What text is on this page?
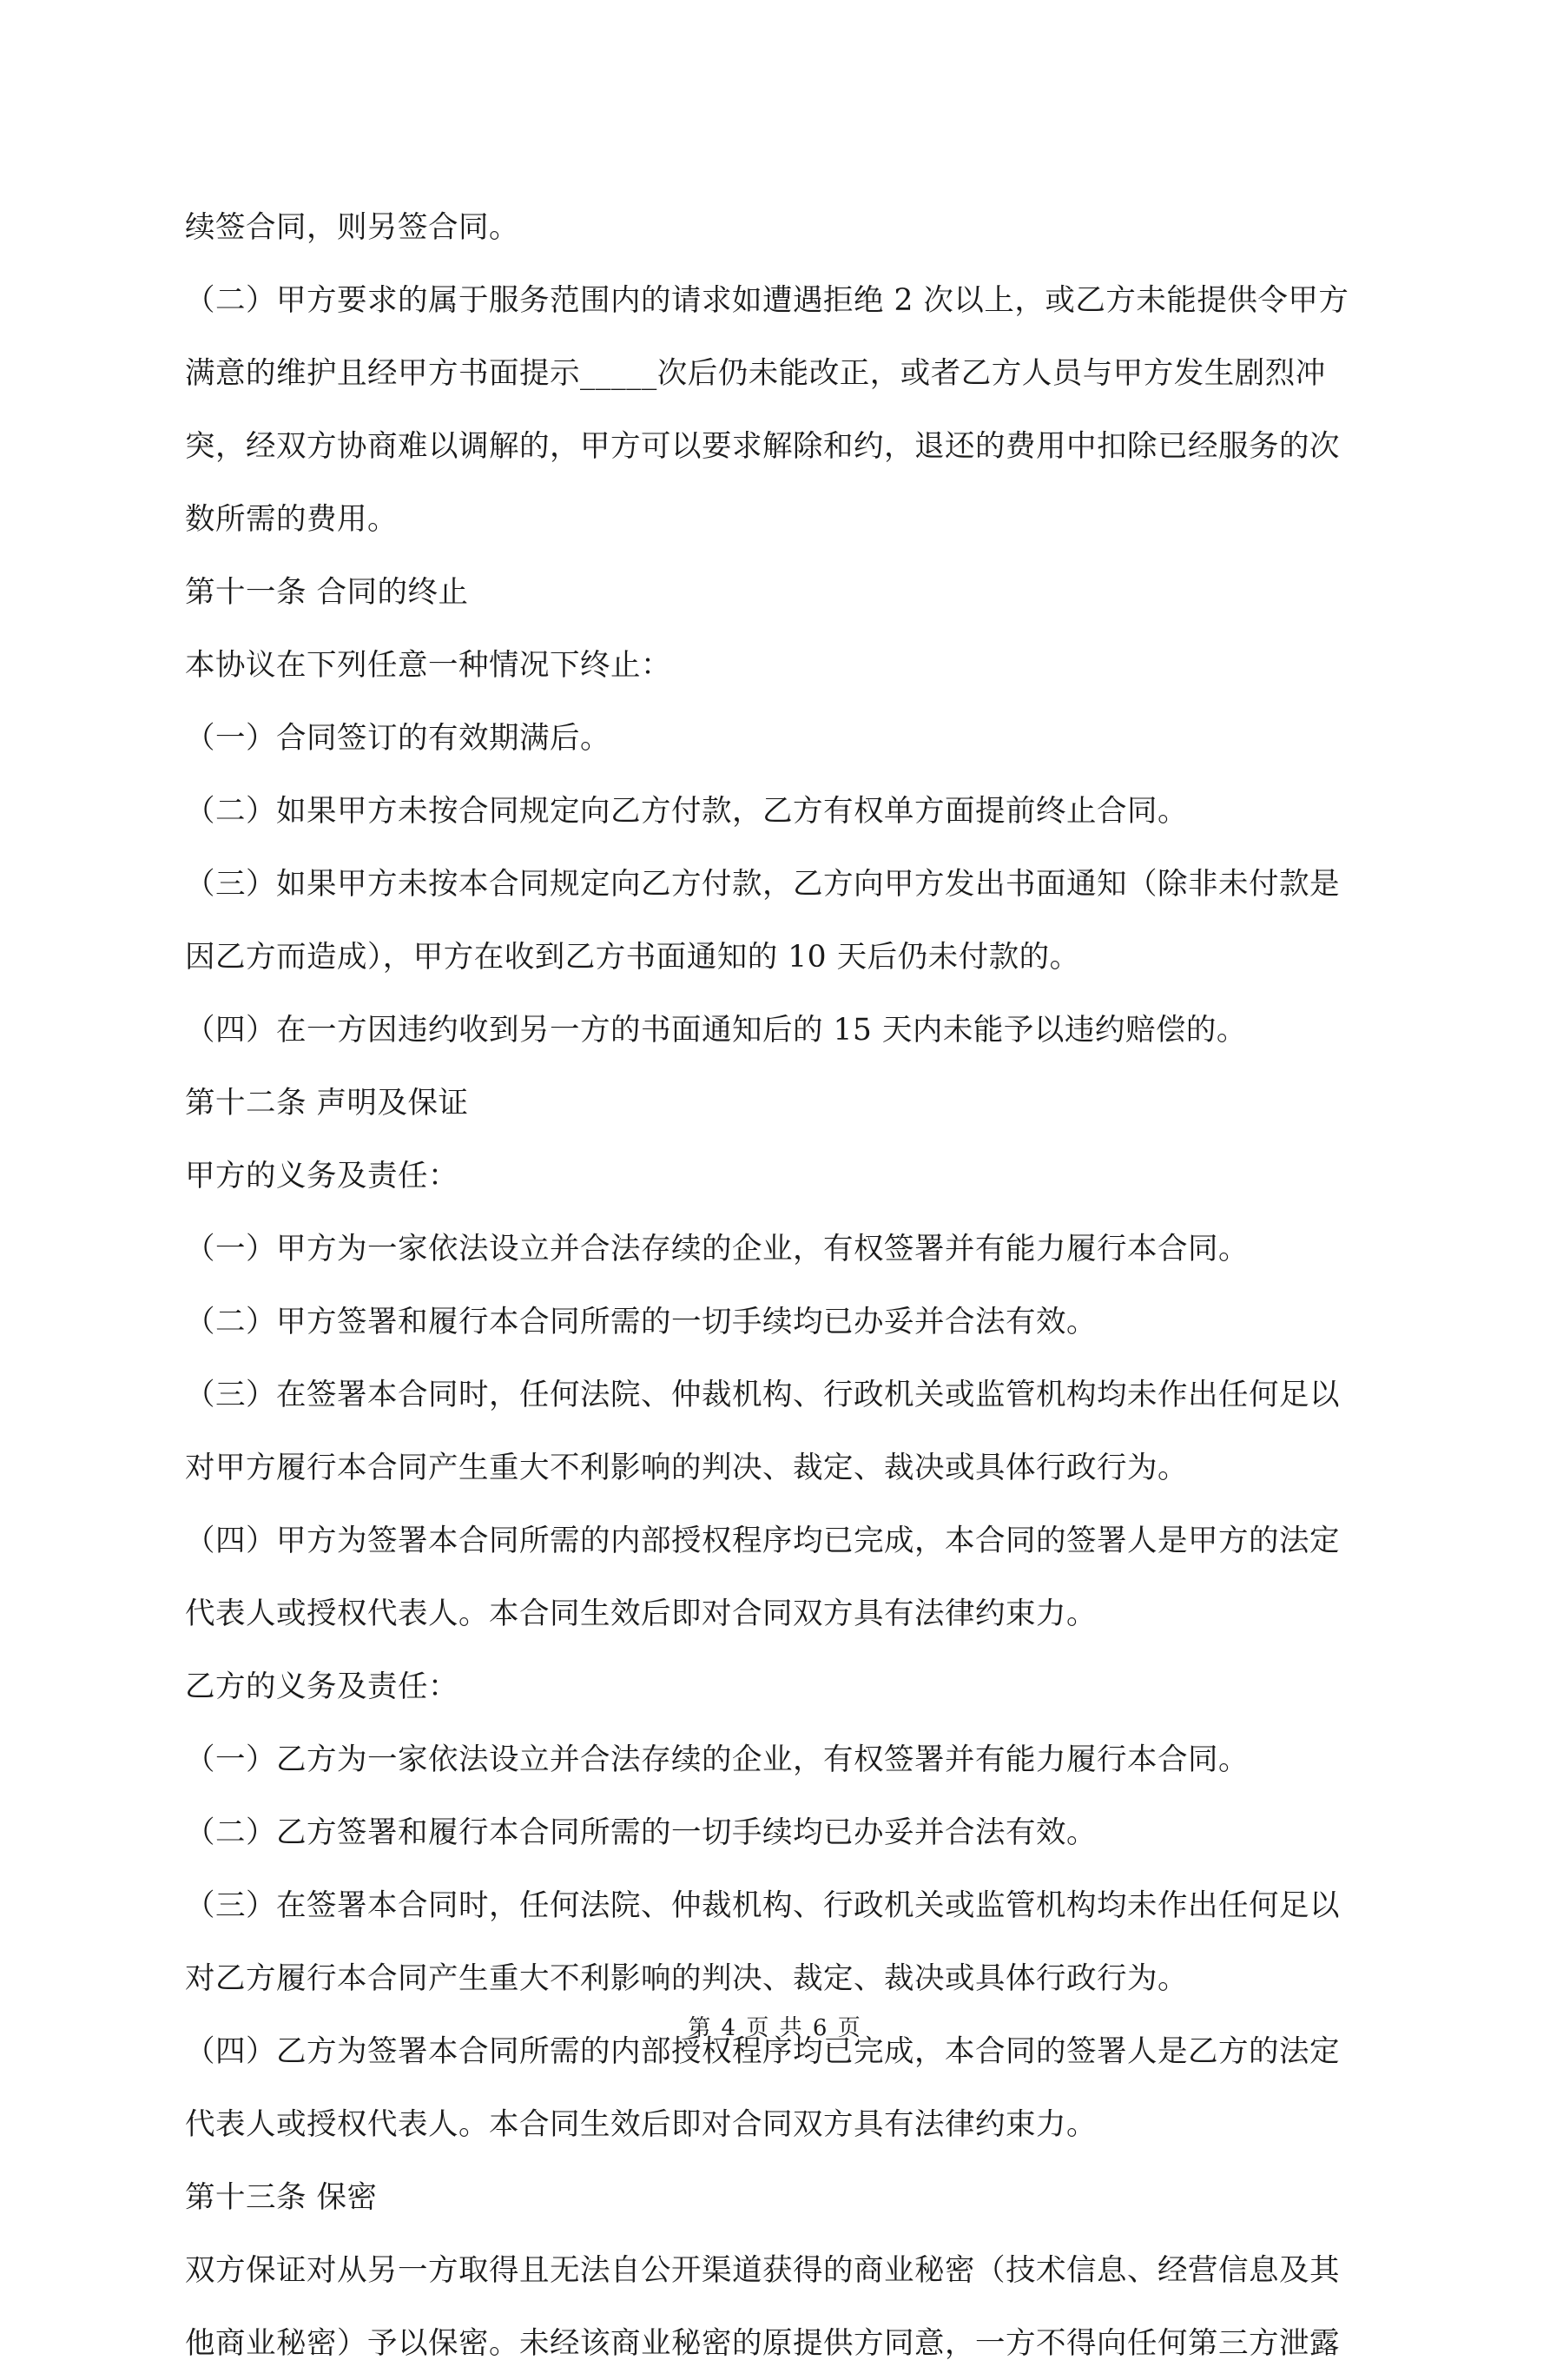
续签合同，则另签合同。
（二）甲方要求的属于服务范围内的请求如遭遇拒绝 2 次以上，或乙方未能提供令甲方
满意的维护且经甲方书面提示_____次后仍未能改正，或者乙方人员与甲方发生剧烈冲
突，经双方协商难以调解的，甲方可以要求解除和约，退还的费用中扣除已经服务的次
数所需的费用。
第十一条 合同的终止
本协议在下列任意一种情况下终止：
（一）合同签订的有效期满后。
（二）如果甲方未按合同规定向乙方付款，乙方有权单方面提前终止合同。
（三）如果甲方未按本合同规定向乙方付款，乙方向甲方发出书面通知（除非未付款是
因乙方而造成），甲方在收到乙方书面通知的 10 天后仍未付款的。
（四）在一方因违约收到另一方的书面通知后的 15 天内未能予以违约赔偿的。
第十二条 声明及保证
甲方的义务及责任：
（一）甲方为一家依法设立并合法存续的企业，有权签署并有能力履行本合同。
（二）甲方签署和履行本合同所需的一切手续均已办妥并合法有效。
（三）在签署本合同时，任何法院、仲裁机构、行政机关或监管机构均未作出任何足以
对甲方履行本合同产生重大不利影响的判决、裁定、裁决或具体行政行为。
（四）甲方为签署本合同所需的内部授权程序均已完成，本合同的签署人是甲方的法定
代表人或授权代表人。本合同生效后即对合同双方具有法律约束力。
乙方的义务及责任：
（一）乙方为一家依法设立并合法存续的企业，有权签署并有能力履行本合同。
（二）乙方签署和履行本合同所需的一切手续均已办妥并合法有效。
（三）在签署本合同时，任何法院、仲裁机构、行政机关或监管机构均未作出任何足以
对乙方履行本合同产生重大不利影响的判决、裁定、裁决或具体行政行为。
（四）乙方为签署本合同所需的内部授权程序均已完成，本合同的签署人是乙方的法定
代表人或授权代表人。本合同生效后即对合同双方具有法律约束力。
第十三条 保密
双方保证对从另一方取得且无法自公开渠道获得的商业秘密（技术信息、经营信息及其
他商业秘密）予以保密。未经该商业秘密的原提供方同意，一方不得向任何第三方泄露
第 4 页 共 6 页
